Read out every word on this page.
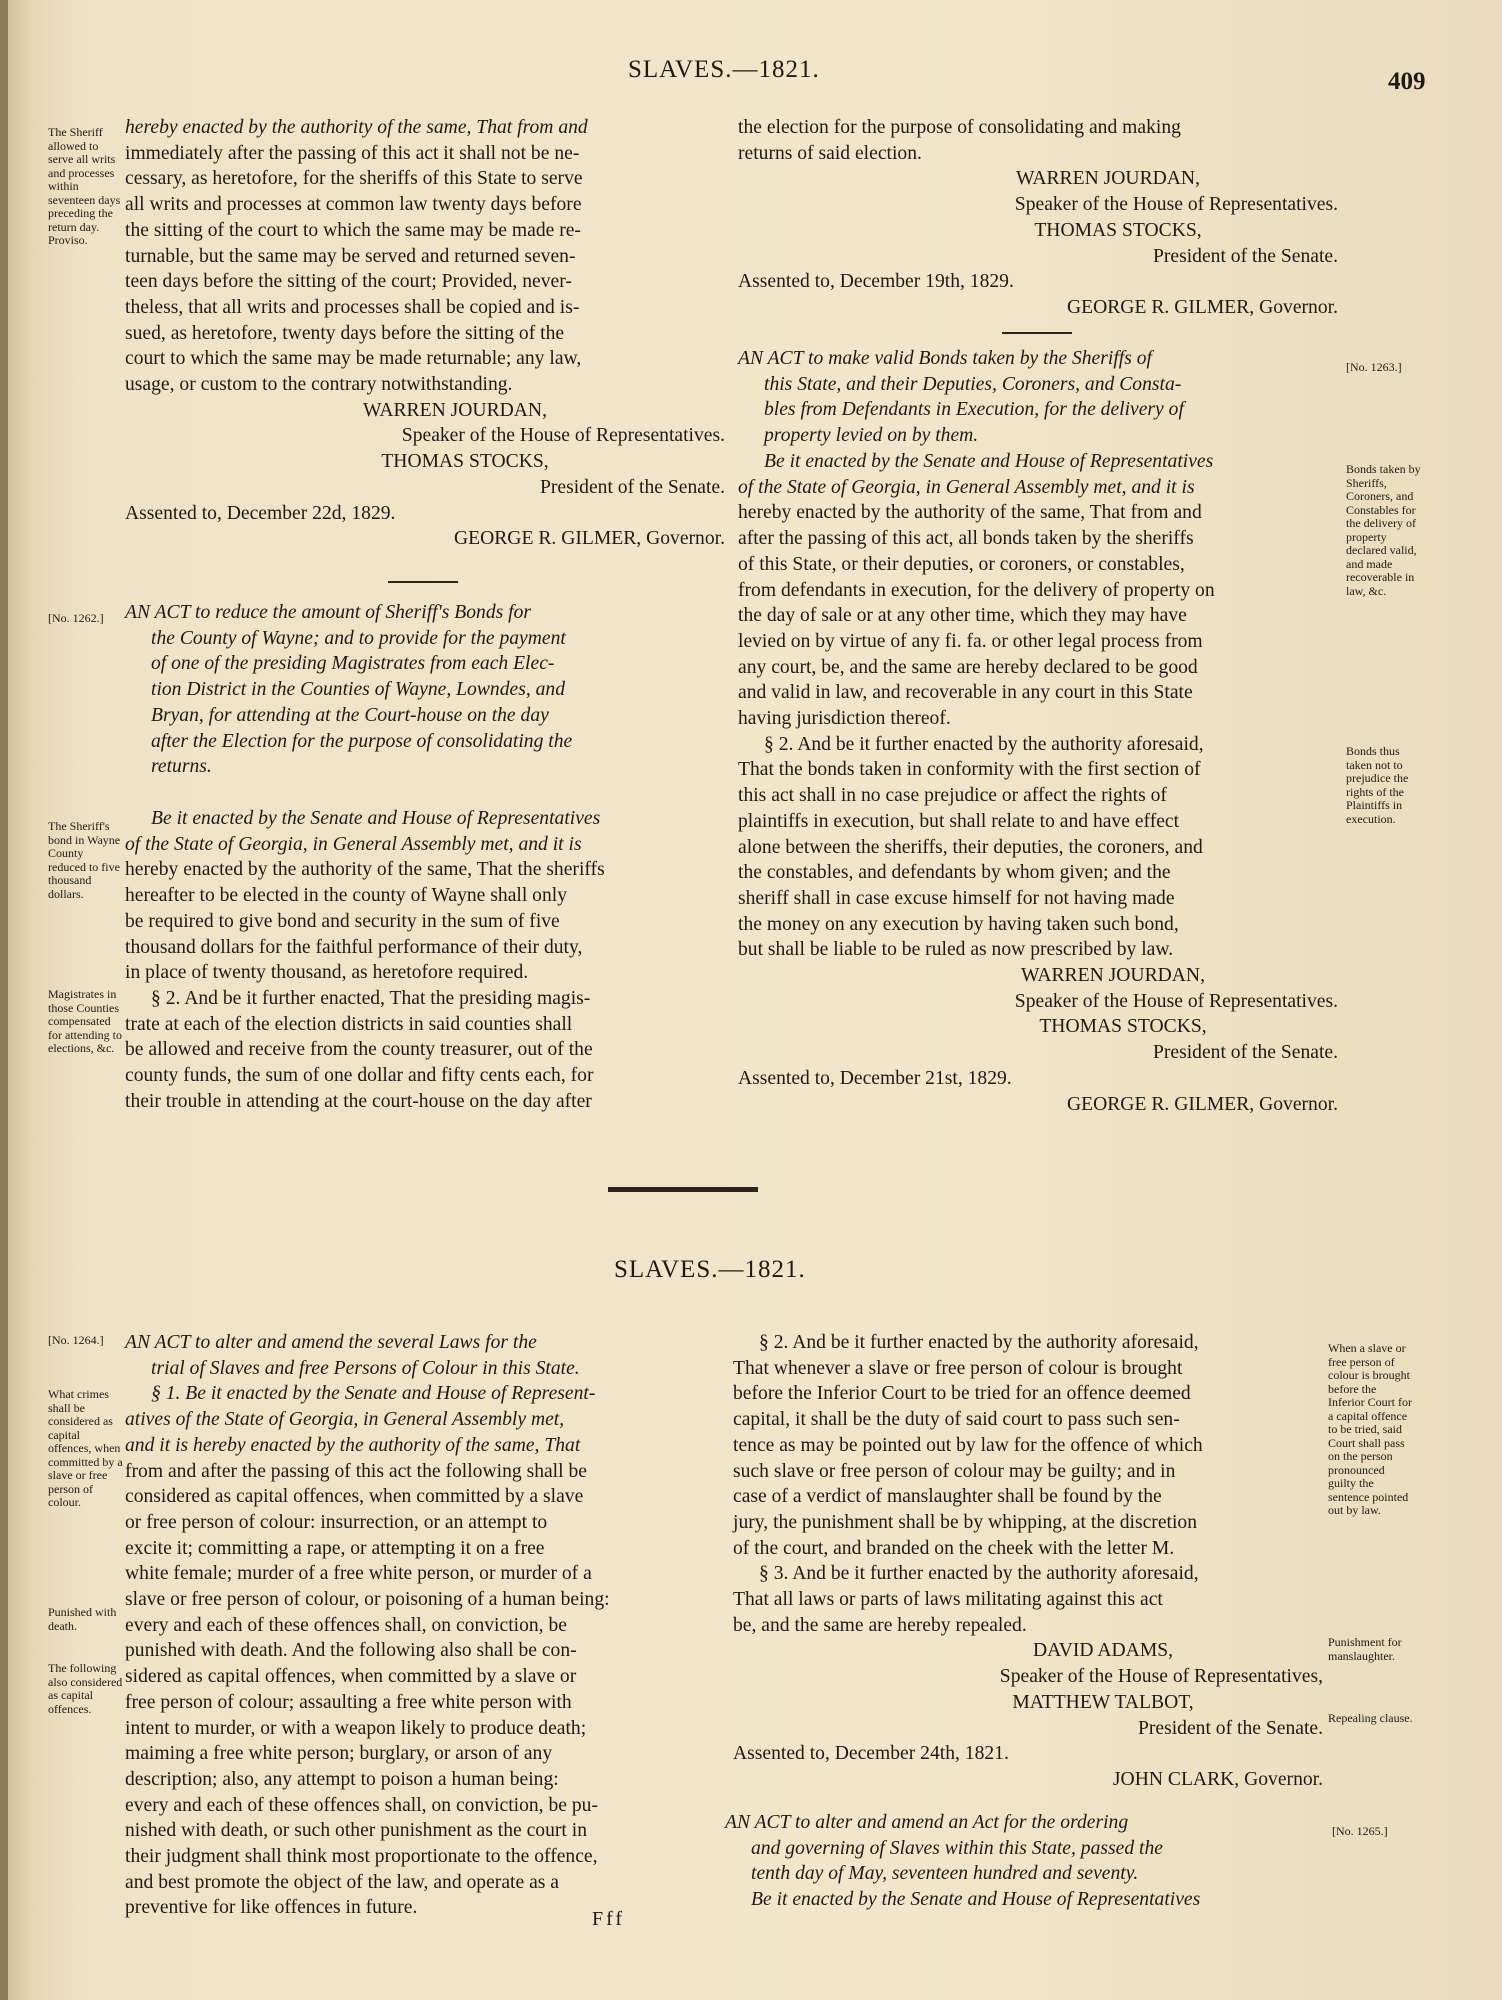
SLAVES.—1821.	409
The Sheriff allowed to serve all writs and processes within seventeen days preceding the return day. Proviso.

hereby enacted by the authority of the same, That from and

immediately after the passing of this act it shall not be ne-

cessary, as heretofore, for the sheriffs of this State to serve

all writs and processes at common law twenty days before

the sitting of the court to which the same may be made re-

turnable, but the same may be served and returned seven-

teen days before the sitting of the court; Provided, never-

theless, that all writs and processes shall be copied and is-

sued, as heretofore, twenty days before the sitting of the

court to which the same may be made returnable; any law,

usage, or custom to the contrary notwithstanding.

WARREN JOURDAN,

Speaker of the House of Representatives.

THOMAS STOCKS,

President of the Senate.

Assented to, December 22d, 1829.

GEORGE R. GILMER, Governor.

[No. 1262.] AN ACT to reduce the amount of Sheriff's Bonds for

the County of Wayne; and to provide for the payment

of one of the presiding Magistrates from each Elec-

tion District in the Counties of Wayne, Lowndes, and

Bryan, for attending at the Court-house on the day

after the Election for the purpose of consolidating the

returns.

The Sheriff's bond in Wayne County reduced to five thousand dollars.

Be it enacted by the Senate and House of Representatives

of the State of Georgia, in General Assembly met, and it is

hereby enacted by the authority of the same, That the sheriffs

hereafter to be elected in the county of Wayne shall only

be required to give bond and security in the sum of five

thousand dollars for the faithful performance of their duty,

in place of twenty thousand, as heretofore required.

§ 2. And be it further enacted, That the presiding magis-

trate at each of the election districts in said counties shall

be allowed and receive from the county treasurer, out of the

county funds, the sum of one dollar and fifty cents each, for

their trouble in attending at the court-house on the day after

Magistrates in those Counties compensated for attending to elections, &c.

the election for the purpose of consolidating and making

returns of said election.

WARREN JOURDAN,

Speaker of the House of Representatives.

THOMAS STOCKS,

President of the Senate.

Assented to, December 19th, 1829.

GEORGE R. GILMER, Governor.

AN ACT to make valid Bonds taken by the Sheriffs of

this State, and their Deputies, Coroners, and Consta-

bles from Defendants in Execution, for the delivery of

property levied on by them.

[No. 1263.]

Be it enacted by the Senate and House of Representatives

of the State of Georgia, in General Assembly met, and it is

hereby enacted by the authority of the same, That from and

after the passing of this act, all bonds taken by the sheriffs

of this State, or their deputies, or coroners, or constables,

from defendants in execution, for the delivery of property on

the day of sale or at any other time, which they may have

levied on by virtue of any fi. fa. or other legal process from

any court, be, and the same are hereby declared to be good

and valid in law, and recoverable in any court in this State

having jurisdiction thereof.

§ 2. And be it further enacted by the authority aforesaid,

That the bonds taken in conformity with the first section of

this act shall in no case prejudice or affect the rights of

plaintiffs in execution, but shall relate to and have effect

alone between the sheriffs, their deputies, the coroners, and

the constables, and defendants by whom given; and the

sheriff shall in case excuse himself for not having made

the money on any execution by having taken such bond,

but shall be liable to be ruled as now prescribed by law.

WARREN JOURDAN,

Speaker of the House of Representatives.

THOMAS STOCKS,

President of the Senate.

Assented to, December 21st, 1829.

GEORGE R. GILMER, Governor.

Bonds taken by Sheriffs, Coroners, and Constables for the delivery of property declared valid, and made recoverable in law, &c.
Bonds thus taken not to prejudice the rights of the Plaintiffs in execution.
SLAVES.—1821.
[No. 1264.] AN ACT to alter and amend the several Laws for the

trial of Slaves and free Persons of Colour in this State.

§ 1. Be it enacted by the Senate and House of Represent-

atives of the State of Georgia, in General Assembly met,

and it is hereby enacted by the authority of the same, That

from and after the passing of this act the following shall be

considered as capital offences, when committed by a slave

or free person of colour: insurrection, or an attempt to

excite it; committing a rape, or attempting it on a free

white female; murder of a free white person, or murder of a

slave or free person of colour, or poisoning of a human being:

every and each of these offences shall, on conviction, be

punished with death. And the following also shall be con-

sidered as capital offences, when committed by a slave or

free person of colour; assaulting a free white person with

intent to murder, or with a weapon likely to produce death;

maiming a free white person; burglary, or arson of any

description; also, any attempt to poison a human being:

every and each of these offences shall, on conviction, be pu-

nished with death, or such other punishment as the court in

their judgment shall think most proportionate to the offence,

and best promote the object of the law, and operate as a

preventive for like offences in future.

What crimes shall be considered as capital offences, when committed by a slave or free person of colour.
Punished with death.
The following also considered as capital offences.
Fff

§ 2. And be it further enacted by the authority aforesaid,

That whenever a slave or free person of colour is brought

before the Inferior Court to be tried for an offence deemed

capital, it shall be the duty of said court to pass such sen-

tence as may be pointed out by law for the offence of which

such slave or free person of colour may be guilty; and in

case of a verdict of manslaughter shall be found by the

jury, the punishment shall be by whipping, at the discretion

of the court, and branded on the cheek with the letter M.

§ 3. And be it further enacted by the authority aforesaid,

That all laws or parts of laws militating against this act

be, and the same are hereby repealed.

DAVID ADAMS,

Speaker of the House of Representatives,

MATTHEW TALBOT,

President of the Senate.

Assented to, December 24th, 1821.

JOHN CLARK, Governor.

When a slave or free person of colour is brought before the Inferior Court for a capital offence to be tried, said Court shall pass on the person pronounced guilty the sentence pointed out by law.
Punishment for manslaughter.
Repealing clause.

AN ACT to alter and amend an Act for the ordering

and governing of Slaves within this State, passed the

tenth day of May, seventeen hundred and seventy.

Be it enacted by the Senate and House of Representatives

[No. 1265.]
